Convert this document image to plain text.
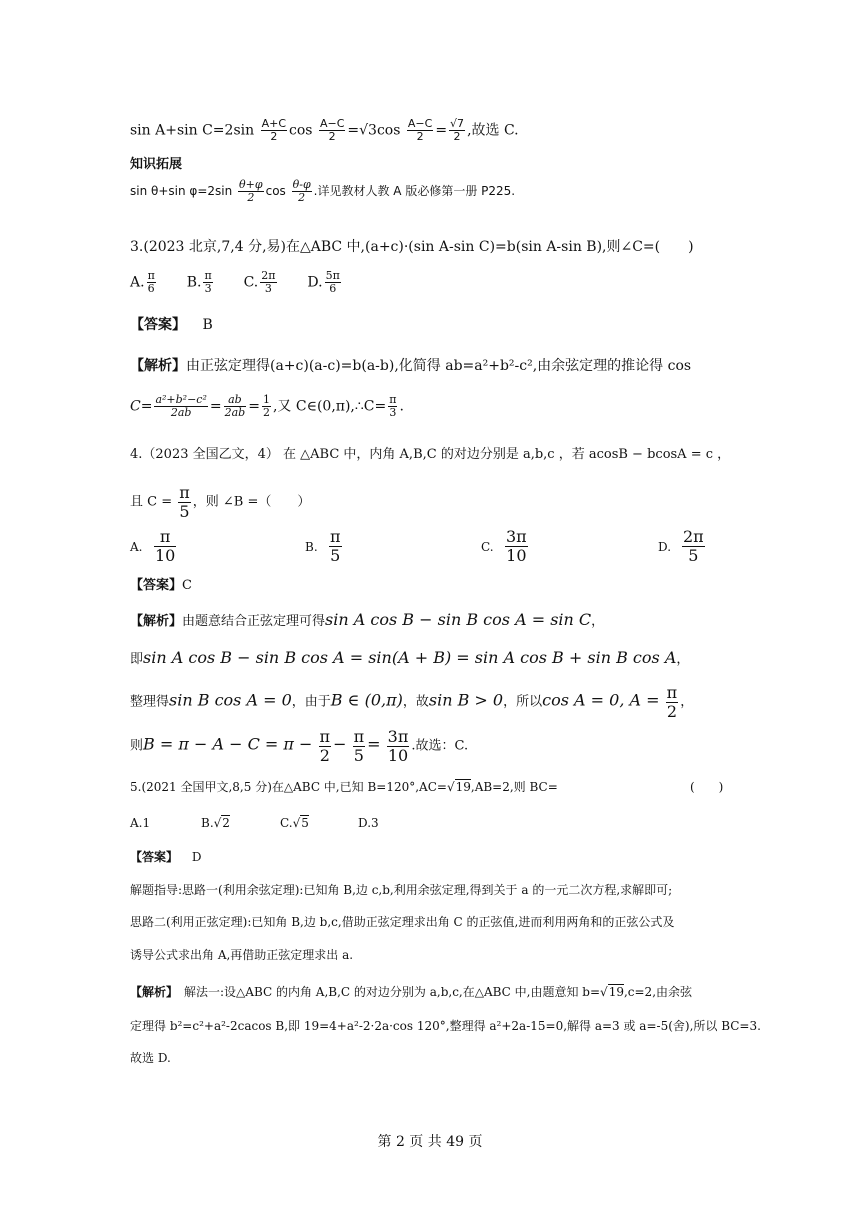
sin A+sin $C=2\sin \frac{A+C}{2}$ $\cos \frac{A-C}{2} =√3\cos \frac{A-C}{2} = \frac{√7}{2}$ ,故选 C.
知识拓展
sin θ+sin $\varphi=2\sin \frac{\theta+\varphi}{2}$ $\cos \frac{\theta-\varphi}{2}$ .详见教材人教 A 版必修第一册 P225.
3.(2023 北京,7,4 分,易)在△ABC 中,(a+c)·(sin A-sin C)=b(sin A-sin B),则∠C=(　　)
A. $\frac{\pi}{6} B$. $\frac{\pi}{3} C$. $\frac{2\pi}{3} D$. $\frac{5\pi}{6}$
【答案】 B
【解析】由正弦定理得(a+c)(a-c)=b(a-b),化简得 ab=a²+b²-c²,由余弦定理的推论得 cos
$C= \frac{\text{a²+b²−c²}}{2ab} = \frac{ab}{2ab} = \frac{1}{2}$ ,又 C∈(0,π),∴C= $\frac{\pi}{3}$ .
4.（2023 全国乙文，4） 在 △ABC 中，内角 A,B,C 的对边分别是 a,b,c ，若 acosB − bcosA = c ，
且 $C = \frac{\pi}{5}$ ，则 ∠B =（　　）
A. $\frac{\pi}{10}$	B. $\frac{\pi}{5}$	C. $\frac{3\pi}{10}$	D. $\frac{2\pi}{5}$
【答案】C
【解析】由题意结合正弦定理可得sin A cos B − sin B cos A = sin C，
即sin A cos B − sin B cos A = sin(A + B) = sin A cos B + sin B cos A，
整理得sin B cos A = 0，由于B ∈ (0,π)，故sin B > 0，所以cos A = 0, $A = \frac{\pi}{2}$ ，
则$B = \pi - A - C = \pi - \frac{\pi}{2} - \frac{\pi}{5} = \frac{3\pi}{10}$ .故选：C.
5.(2021 全国甲文,8,5 分)在△ABC 中,已知 B=120°,AC=√19,AB=2,则 BC=	(　　)
A.1	B.√2	C.√5	D.3
【答案】 D
解题指导:思路一(利用余弦定理):已知角 B,边 c,b,利用余弦定理,得到关于 a 的一元二次方程,求解即可;
思路二(利用正弦定理):已知角 B,边 b,c,借助正弦定理求出角 C 的正弦值,进而利用两角和的正弦公式及
诱导公式求出角 A,再借助正弦定理求出 a.
【解析】　解法一:设△ABC 的内角 A,B,C 的对边分别为 a,b,c,在△ABC 中,由题意知 b=√19,c=2,由余弦
定理得 b²=c²+a²-2cacos B,即 19=4+a²-2·2a·cos 120°,整理得 a²+2a-15=0,解得 a=3 或 a=-5(舍),所以 BC=3.
故选 D.
第 2 页 共 49 页
